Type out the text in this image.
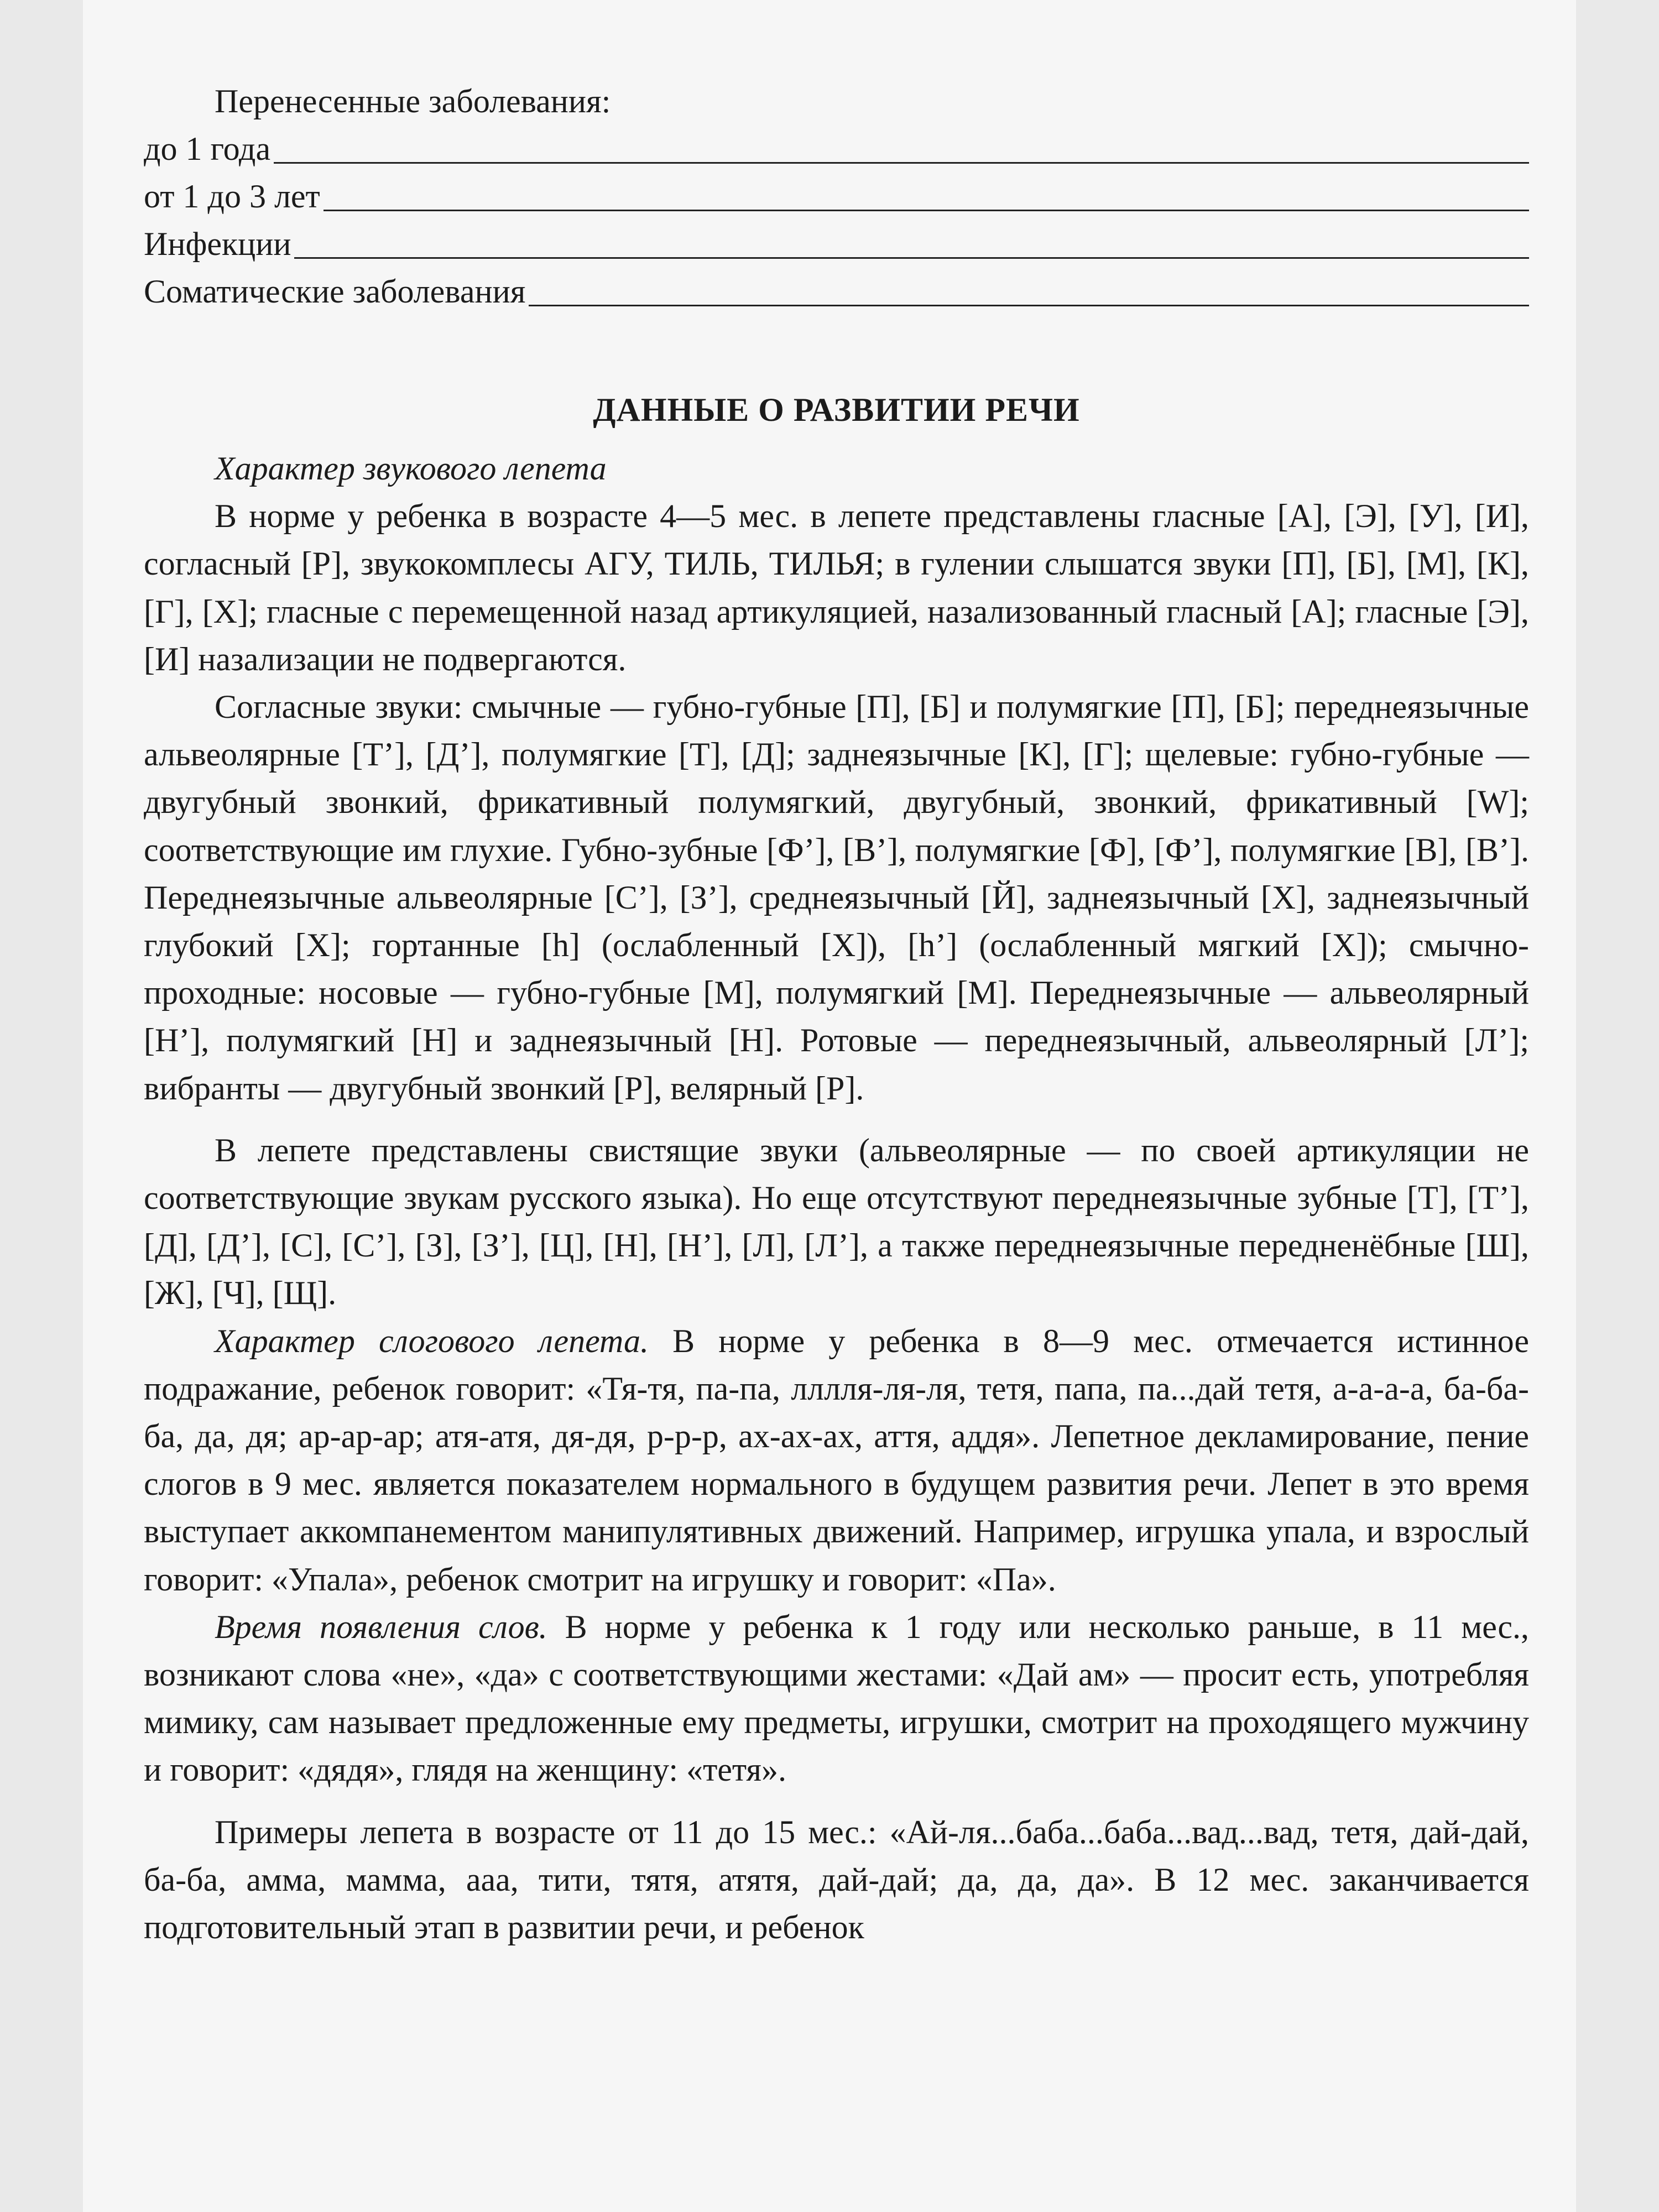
Перенесенные заболевания:
до 1 года
от 1 до 3 лет
Инфекции
Соматические заболевания
ДАННЫЕ О РАЗВИТИИ РЕЧИ

Характер звукового лепета

В норме у ребенка в возрасте 4—5 мес. в лепете представлены гласные [А], [Э], [У], [И], согласный [Р], звукокомплесы АГУ, ТИЛЬ, ТИЛЬЯ; в гулении слышатся звуки [П], [Б], [М], [К], [Г], [Х]; гласные с перемещенной назад артикуляцией, назализованный гласный [А]; гласные [Э], [И] назализации не подвергаются.

Согласные звуки: смычные — губно-губные [П], [Б] и полумягкие [П], [Б]; переднеязычные альвеолярные [Т’], [Д’], полумягкие [Т], [Д]; заднеязычные [К], [Г]; щелевые: губно-губные — двугубный звонкий, фрикативный полумягкий, двугубный, звонкий, фрикативный [W]; соответствующие им глухие. Губно-зубные [Ф’], [В’], полумягкие [Ф], [Ф’], полумягкие [В], [В’]. Переднеязычные альвеолярные [С’], [З’], среднеязычный [Й], заднеязычный [Х], заднеязычный глубокий [Х]; гортанные [h] (ослабленный [Х]), [h’] (ослабленный мягкий [Х]); смычно-проходные: носовые — губно-губные [М], полумягкий [М]. Переднеязычные — альвеолярный [Н’], полумягкий [Н] и заднеязычный [Н]. Ротовые — переднеязычный, альвеолярный [Л’]; вибранты — двугубный звонкий [Р], велярный [Р].

В лепете представлены свистящие звуки (альвеолярные — по своей артикуляции не соответствующие звукам русского языка). Но еще отсутствуют переднеязычные зубные [Т], [Т’], [Д], [Д’], [С], [С’], [З], [З’], [Ц], [Н], [Н’], [Л], [Л’], а также переднеязычные передненёбные [Ш], [Ж], [Ч], [Щ].

Характер слогового лепета. В норме у ребенка в 8—9 мес. отмечается истинное подражание, ребенок говорит: «Тя-тя, па-па, лллля-ля-ля, тетя, папа, па...дай тетя, а-а-а-а, ба-ба-ба, да, дя; ар-ар-ар; атя-атя, дя-дя, р-р-р, ах-ах-ах, аття, аддя». Лепетное декламирование, пение слогов в 9 мес. является показателем нормального в будущем развития речи. Лепет в это время выступает аккомпанементом манипулятивных движений. Например, игрушка упала, и взрослый говорит: «Упала», ребенок смотрит на игрушку и говорит: «Па».

Время появления слов. В норме у ребенка к 1 году или несколько раньше, в 11 мес., возникают слова «не», «да» с соответствующими жестами: «Дай ам» — просит есть, употребляя мимику, сам называет предложенные ему предметы, игрушки, смотрит на проходящего мужчину и говорит: «дядя», глядя на женщину: «тетя».

Примеры лепета в возрасте от 11 до 15 мес.: «Ай-ля...баба...баба...вад...вад, тетя, дай-дай, ба-ба, амма, мамма, ааа, тити, тятя, атятя, дай-дай; да, да, да». В 12 мес. заканчивается подготовительный этап в развитии речи, и ребенок
